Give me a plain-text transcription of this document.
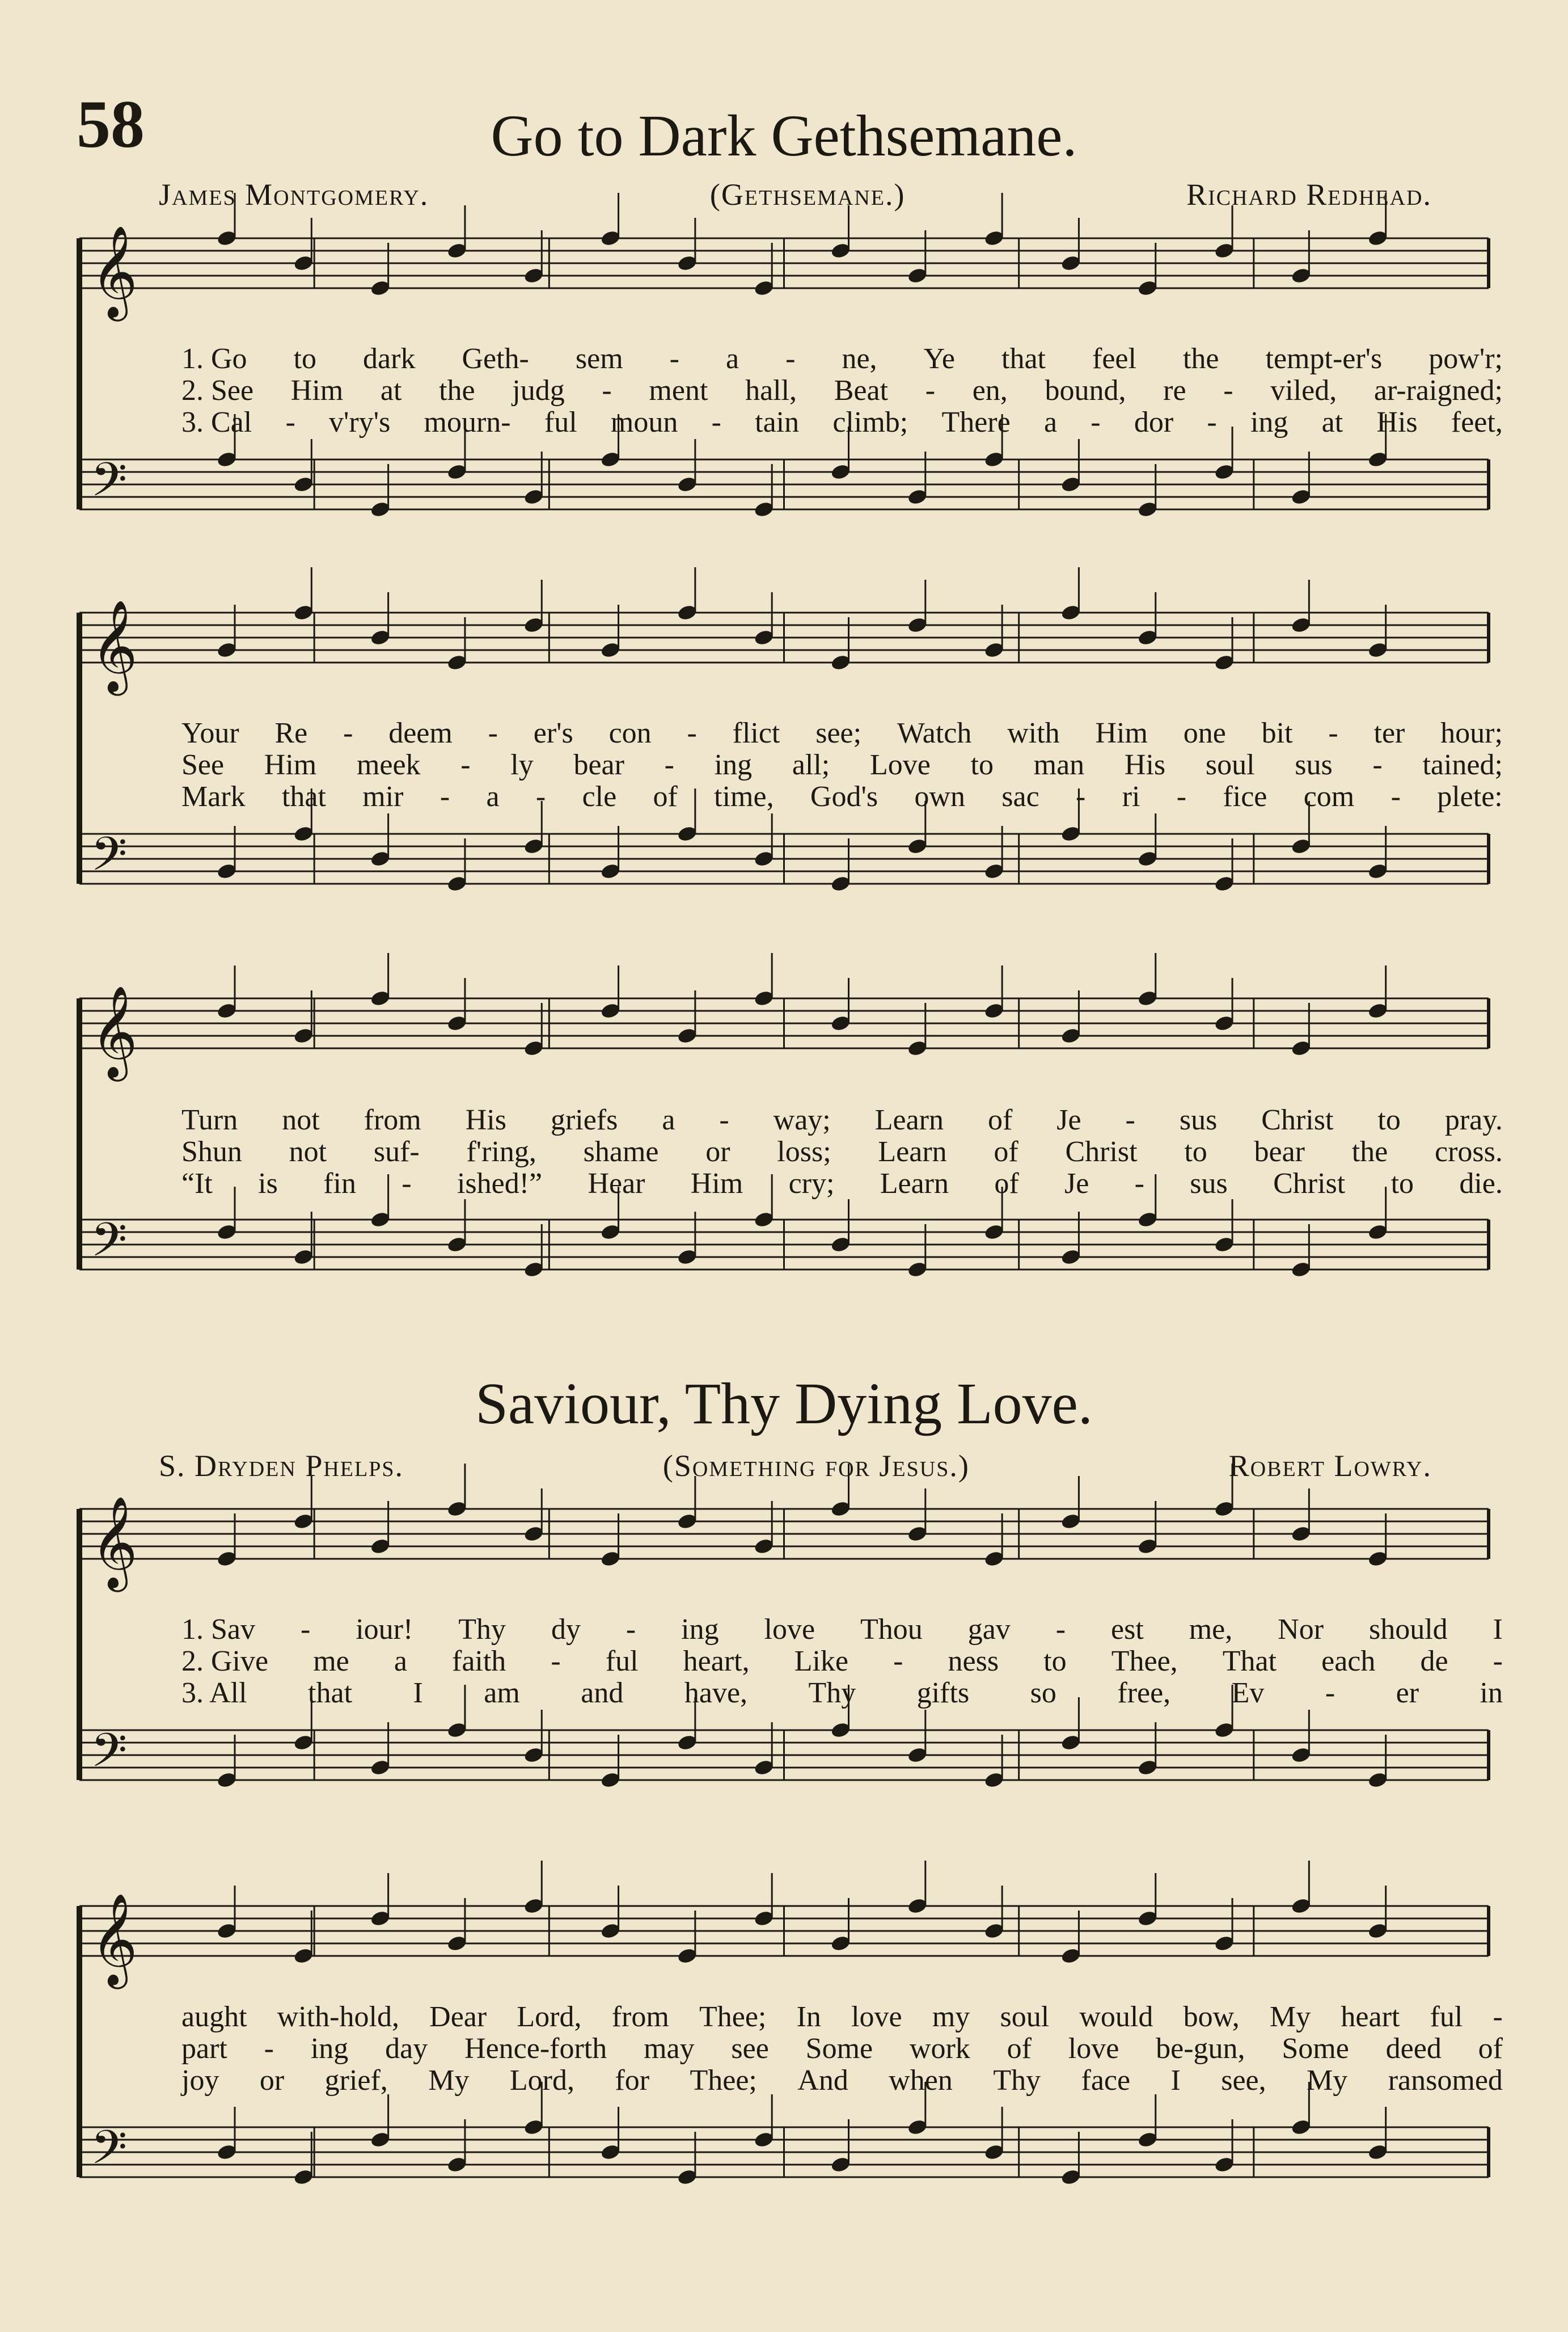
58	Go to Dark Gethsemane.
James Montgomery.	(Gethsemane.)	Richard Redhead.
𝄞
𝄢
1. Go to dark Geth- sem - a - ne, Ye that feel the tempt-er's pow'r;
2. See Him at the judg - ment hall, Beat - en, bound, re - viled, ar-raigned;
3. Cal - v'ry's mourn- ful moun - tain climb; There a - dor - ing at His feet,
𝄞
𝄢
Your Re - deem - er's con - flict see; Watch with Him one bit - ter hour;
See Him meek - ly bear - ing all; Love to man His soul sus - tained;
Mark that mir - a - cle of time, God's own sac - ri - fice com - plete:
𝄞
𝄢
Turn not from His griefs a - way; Learn of Je - sus Christ to pray.
Shun not suf- f'ring, shame or loss; Learn of Christ to bear the cross.
“It is fin - ished!” Hear Him cry; Learn of Je - sus Christ to die.
Saviour, Thy Dying Love.
S. Dryden Phelps.	(Something for Jesus.)	Robert Lowry.
𝄞
𝄢
1. Sav - iour! Thy dy - ing love Thou gav - est me, Nor should I
2. Give me a faith - ful heart, Like - ness to Thee, That each de -
3. All that I am and have, Thy gifts so free, Ev - er in
𝄞
𝄢
aught with-hold, Dear Lord, from Thee; In love my soul would bow, My heart ful -
part - ing day Hence-forth may see Some work of love be-gun, Some deed of
joy or grief, My Lord, for Thee; And when Thy face I see, My ransomed
